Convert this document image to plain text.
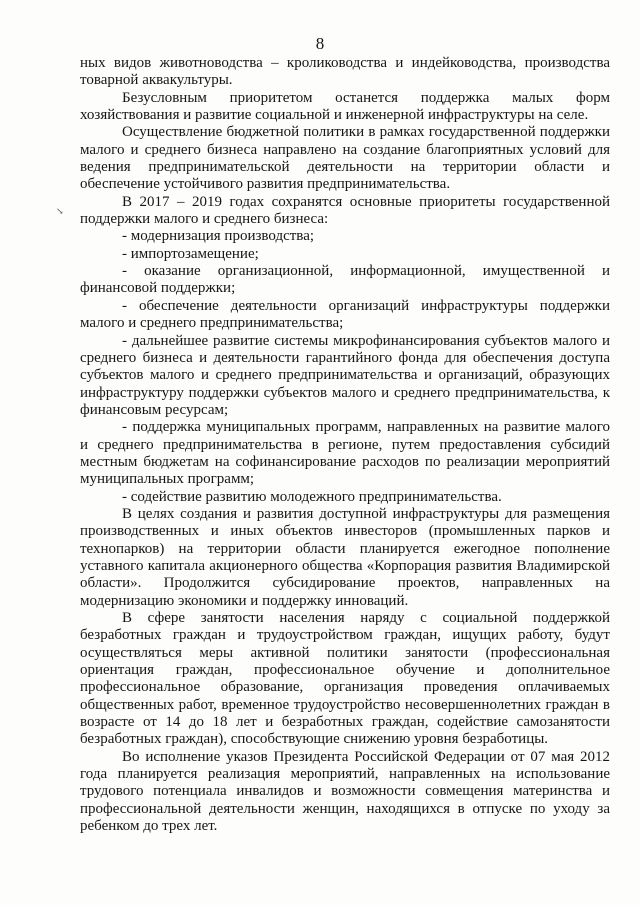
8
↘

ных видов животноводства – кролиководства и индейководства, производства товарной аквакультуры.

Безусловным приоритетом останется поддержка малых форм хозяйствования и развитие социальной и инженерной инфраструктуры на селе.

Осуществление бюджетной политики в рамках государственной поддержки малого и среднего бизнеса направлено на создание благоприятных условий для ведения предпринимательской деятельности на территории области и обеспечение устойчивого развития предпринимательства.

В 2017 – 2019 годах сохранятся основные приоритеты государственной поддержки малого и среднего бизнеса:

- модернизация производства;

- импортозамещение;

- оказание организационной, информационной, имущественной и финансовой поддержки;

- обеспечение деятельности организаций инфраструктуры поддержки малого и среднего предпринимательства;

- дальнейшее развитие системы микрофинансирования субъектов малого и среднего бизнеса и деятельности гарантийного фонда для обеспечения доступа субъектов малого и среднего предпринимательства и организаций, образующих инфраструктуру поддержки субъектов малого и среднего предпринимательства, к финансовым ресурсам;

- поддержка муниципальных программ, направленных на развитие малого и среднего предпринимательства в регионе, путем предоставления субсидий местным бюджетам на софинансирование расходов по реализации мероприятий муниципальных программ;

- содействие развитию молодежного предпринимательства.

В целях создания и развития доступной инфраструктуры для размещения производственных и иных объектов инвесторов (промышленных парков и технопарков) на территории области планируется ежегодное пополнение уставного капитала акционерного общества «Корпорация развития Владимирской области». Продолжится субсидирование проектов, направленных на модернизацию экономики и поддержку инноваций.

В сфере занятости населения наряду с социальной поддержкой безработных граждан и трудоустройством граждан, ищущих работу, будут осуществляться меры активной политики занятости (профессиональная ориентация граждан, профессиональное обучение и дополнительное профессиональное образование, организация проведения оплачиваемых общественных работ, временное трудоустройство несовершеннолетних граждан в возрасте от 14 до 18 лет и безработных граждан, содействие самозанятости безработных граждан), способствующие снижению уровня безработицы.

Во исполнение указов Президента Российской Федерации от 07 мая 2012 года планируется реализация мероприятий, направленных на использование трудового потенциала инвалидов и возможности совмещения материнства и профессиональной деятельности женщин, находящихся в отпуске по уходу за ребенком до трех лет.
